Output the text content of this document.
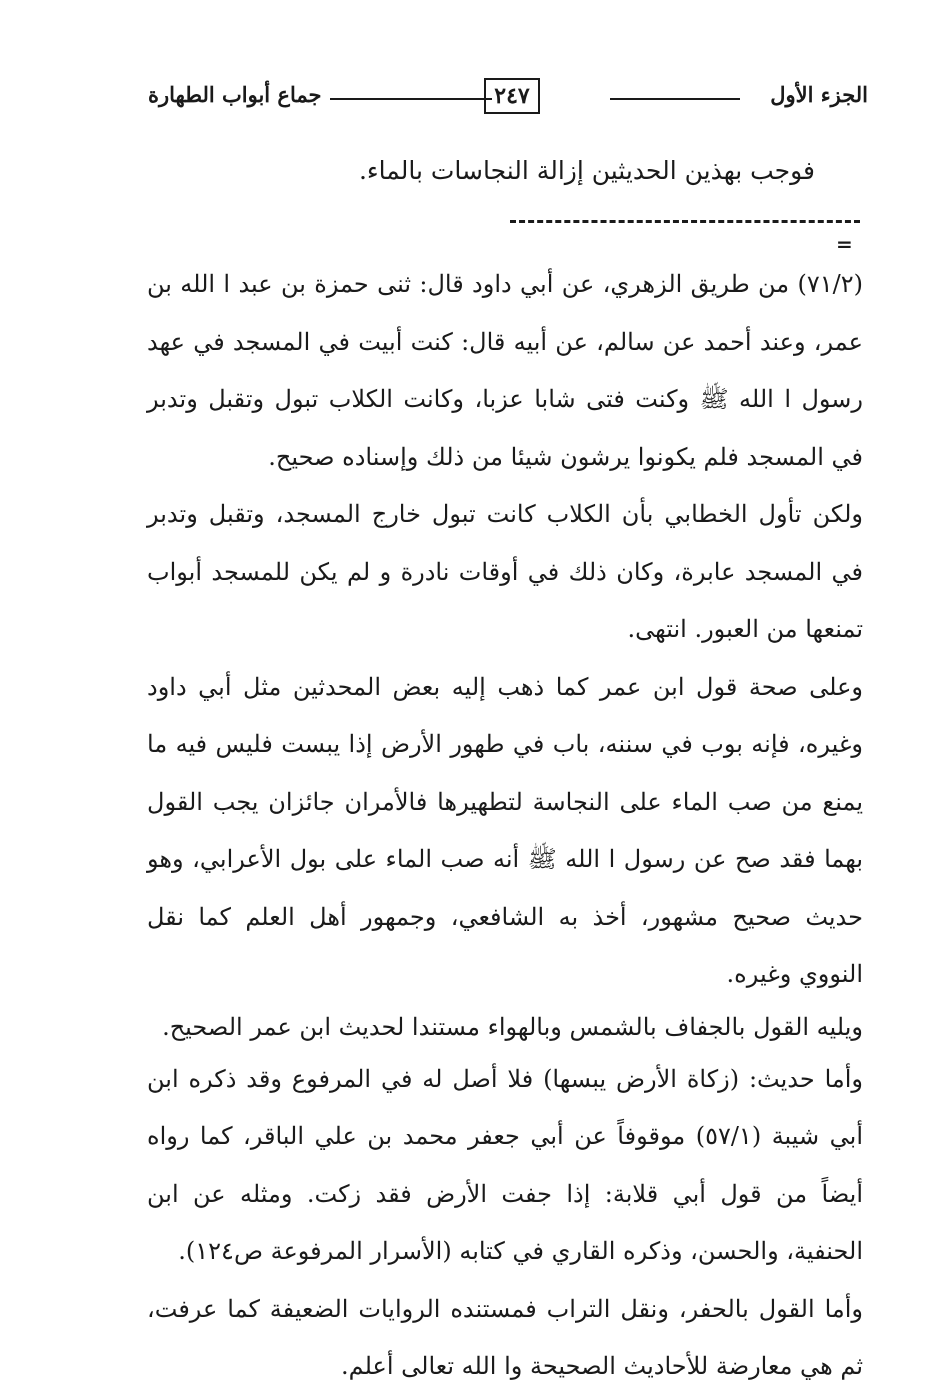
الجزء الأول
٢٤٧
جماع أبواب الطهارة
فوجب بهذين الحديثين إزالة النجاسات بالماء.
=

(٧١/٢) من طريق الزهري، عن أبي داود قال: ثنى حمزة بن عبد ا الله بن عمر، وعند أحمد عن سالم، عن أبيه قال: كنت أبيت في المسجد في عهد رسول ا الله ﷺ وكنت فتى شابا عزبا، وكانت الكلاب تبول وتقبل وتدبر في المسجد فلم يكونوا يرشون شيئا من ذلك وإسناده صحيح.

ولكن تأول الخطابي بأن الكلاب كانت تبول خارج المسجد، وتقبل وتدبر في المسجد عابرة، وكان ذلك في أوقات نادرة و لم يكن للمسجد أبواب تمنعها من العبور. انتهى.

وعلى صحة قول ابن عمر كما ذهب إليه بعض المحدثين مثل أبي داود وغيره، فإنه بوب في سننه، باب في طهور الأرض إذا يبست فليس فيه ما يمنع من صب الماء على النجاسة لتطهيرها فالأمران جائزان يجب القول بهما فقد صح عن رسول ا الله ﷺ أنه صب الماء على بول الأعرابي، وهو حديث صحيح مشهور، أخذ به الشافعي، وجمهور أهل العلم كما نقل النووي وغيره.

ويليه القول بالجفاف بالشمس وبالهواء مستندا لحديث ابن عمر الصحيح.

وأما حديث: (زكاة الأرض يبسها) فلا أصل له في المرفوع وقد ذكره ابن أبي شيبة (٥٧/١) موقوفاً عن أبي جعفر محمد بن علي الباقر، كما رواه أيضاً من قول أبي قلابة: إذا جفت الأرض فقد زكت. ومثله عن ابن الحنفية، والحسن، وذكره القاري في كتابه (الأسرار المرفوعة ص١٢٤).

وأما القول بالحفر، ونقل التراب فمستنده الروايات الضعيفة كما عرفت، ثم هي معارضة للأحاديث الصحيحة وا الله تعالى أعلم.
